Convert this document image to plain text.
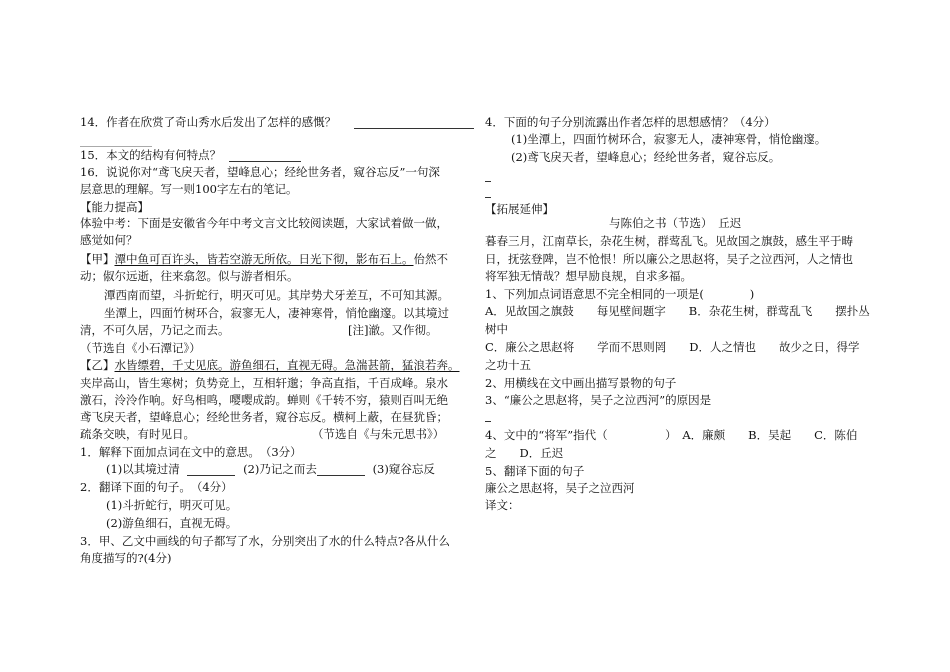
14．作者在欣赏了奇山秀水后发出了怎样的感慨？
15．本文的结构有何特点？
16．说说你对“鸢飞戾天者，望峰息心；经纶世务者，窥谷忘反”一句深
层意思的理解。写一则100字左右的笔记。
【能力提高】
体验中考：下面是安徽省今年中考文言文比较阅读题，大家试着做一做，
感觉如何？
【甲】潭中鱼可百许头，皆若空游无所依。日光下彻，影布石上。佁然不
动；俶尔远逝，往来翕忽。似与游者相乐。
潭西南而望，斗折蛇行，明灭可见。其岸势犬牙差互，不可知其源。
坐潭上，四面竹树环合，寂寥无人，凄神寒骨，悄怆幽邃。以其境过
清，不可久居，乃记之而去。	[注]澈。又作彻。
（节选自《小石潭记》）
【乙】水皆缥碧，千丈见底。游鱼细石，直视无碍。急湍甚箭，猛浪若奔。
夹岸高山，皆生寒树；负势竞上，互相轩邈；争高直指，千百成峰。泉水
激石，泠泠作响。好鸟相鸣，嘤嘤成韵。蝉则《千转不穷，猿则百叫无绝
鸢飞戾天者，望峰息心；经纶世务者，窥谷忘反。横柯上蔽，在昼犹昏；
疏条交映，有时见日。	（节选自《与朱元思书》）
1．解释下面加点词在文中的意思。　（3分）
(1)以其境过清	(2)乃记之而去	(3)窥谷忘反
2．翻译下面的句子。　（4分）
(1)斗折蛇行，明灭可见。
(2)游鱼细石，直视无碍。
3．甲、乙文中画线的句子都写了水，分别突出了水的什么特点?各从什么
角度描写的?(4分)
4．下面的句子分别流露出作者怎样的思想感情？（4分）
(1)坐潭上，四面竹树环合，寂寥无人，凄神寒骨，悄怆幽邃。
(2)鸢飞戾天者，望峰息心；经纶世务者，窥谷忘反。
【拓展延伸】
与陈伯之书（节选）　丘迟
暮春三月，江南草长，杂花生树，群莺乱飞。见故国之旗鼓，感生平于畴
日，抚弦登陴，岂不怆恨！所以廉公之思赵将，吴子之泣西河，人之情也
将军独无情哉？想早励良规，自求多福。
1、下列加点词语意思不完全相同的一项是(　　　　)
A．见故国之旗鼓　　每见壁间题字　　B．杂花生树，群莺乱飞　　摆扑丛
树中
C．廉公之思赵将　　学而不思则罔　　D．人之情也　　故少之日，得学
之功十五
2、用横线在文中画出描写景物的句子
3、“廉公之思赵将，吴子之泣西河”的原因是
4、文中的“将军”指代（　　　　　）　A．廉颇　　B．吴起　　C．陈伯
之　　D．丘迟
5、翻译下面的句子
廉公之思赵将，吴子之泣西河
译文：
